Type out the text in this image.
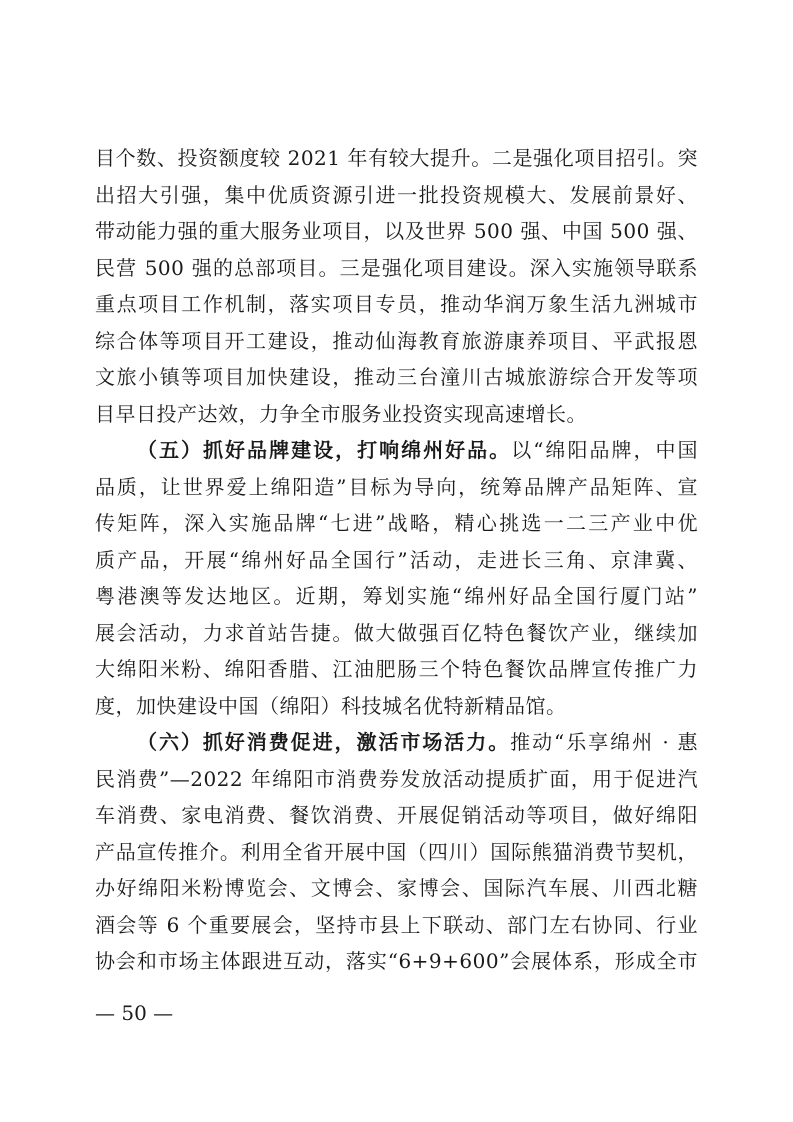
目个数、投资额度较 2021 年有较大提升。二是强化项目招引。突
出招大引强，集中优质资源引进一批投资规模大、发展前景好、
带动能力强的重大服务业项目，以及世界 500 强、中国 500 强、
民营 500 强的总部项目。三是强化项目建设。深入实施领导联系
重点项目工作机制，落实项目专员，推动华润万象生活九洲城市
综合体等项目开工建设，推动仙海教育旅游康养项目、平武报恩
文旅小镇等项目加快建设，推动三台潼川古城旅游综合开发等项
目早日投产达效，力争全市服务业投资实现高速增长。
（五）抓好品牌建设，打响绵州好品。以“绵阳品牌，中国
品质，让世界爱上绵阳造”目标为导向，统筹品牌产品矩阵、宣
传矩阵，深入实施品牌“七进”战略，精心挑选一二三产业中优
质产品，开展“绵州好品全国行”活动，走进长三角、京津冀、
粤港澳等发达地区。近期，筹划实施“绵州好品全国行厦门站”
展会活动，力求首站告捷。做大做强百亿特色餐饮产业，继续加
大绵阳米粉、绵阳香腊、江油肥肠三个特色餐饮品牌宣传推广力
度，加快建设中国（绵阳）科技城名优特新精品馆。
（六）抓好消费促进，激活市场活力。推动“乐享绵州 · 惠
民消费”—2022 年绵阳市消费券发放活动提质扩面，用于促进汽
车消费、家电消费、餐饮消费、开展促销活动等项目，做好绵阳
产品宣传推介。利用全省开展中国（四川）国际熊猫消费节契机，
办好绵阳米粉博览会、文博会、家博会、国际汽车展、川西北糖
酒会等 6 个重要展会，坚持市县上下联动、部门左右协同、行业
协会和市场主体跟进互动，落实“6+9+600”会展体系，形成全市
— 50 —
